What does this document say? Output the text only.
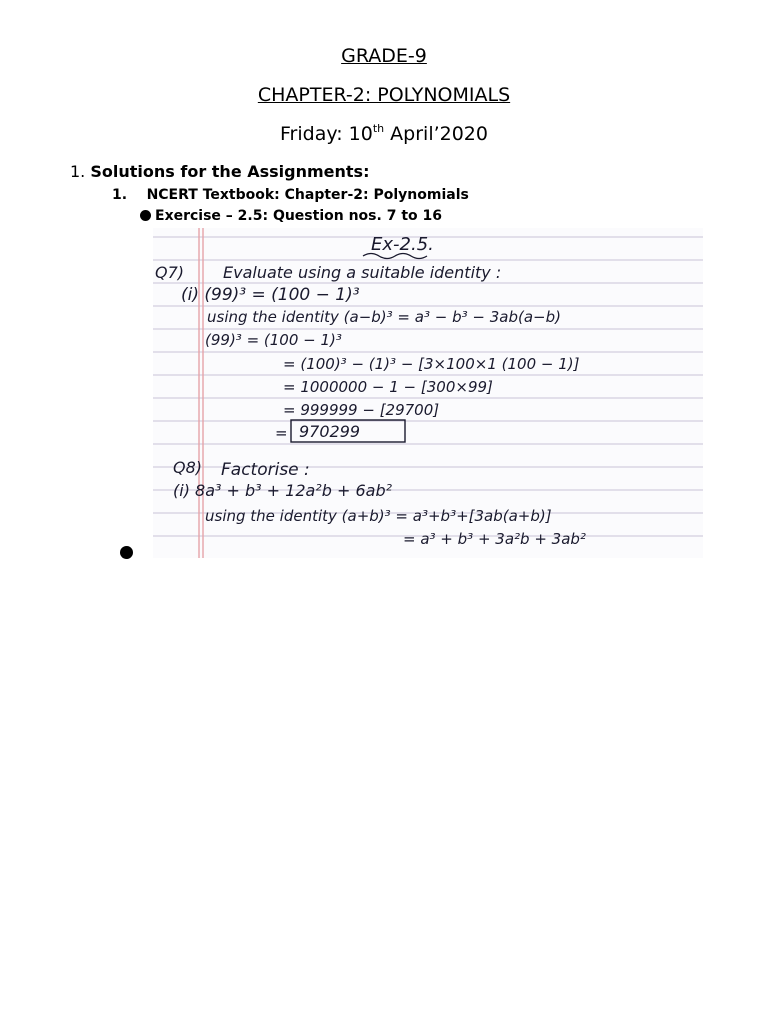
GRADE-9
CHAPTER-2: POLYNOMIALS
Friday: 10th April’2020
1. Solutions for the Assignments:
1. NCERT Textbook: Chapter-2: Polynomials
Exercise – 2.5: Question nos. 7 to 16
Ex-2.5.
Q7) Evaluate using a suitable identity :
(i) (99)³ = (100 − 1)³
using the identity (a−b)³ = a³ − b³ − 3ab(a−b)
(99)³ = (100 − 1)³
= (100)³ − (1)³ − [3×100×1 (100 − 1)]
= 1000000 − 1 − [300×99]
= 999999 − [29700]
= 970299
Q8) Factorise :
(i) 8a³ + b³ + 12a²b + 6ab²
using the identity (a+b)³ = a³+b³+[3ab(a+b)]
= a³ + b³ + 3a²b + 3ab²
